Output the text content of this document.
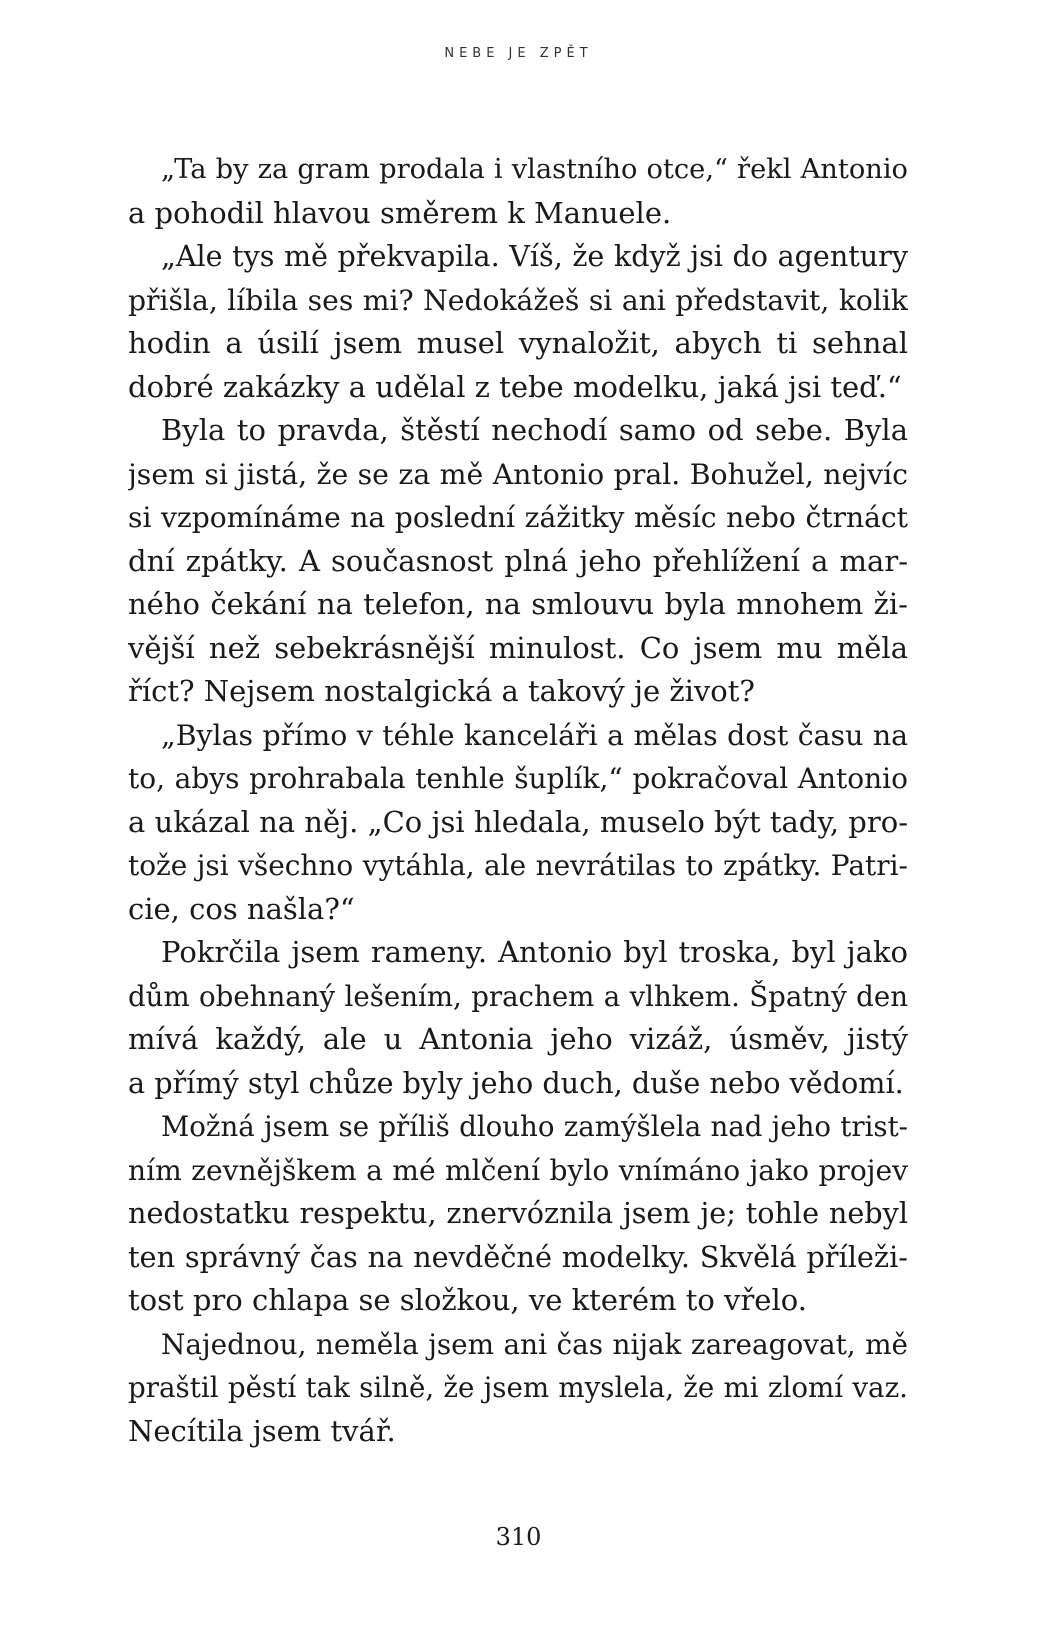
NEBE JE ZPĚT
„Ta by za gram prodala i vlastního otce,“ řekl Antonio
a pohodil hlavou směrem k Manuele.
„Ale tys mě překvapila. Víš, že když jsi do agentury
přišla, líbila ses mi? Nedokážeš si ani představit, kolik
hodin a úsilí jsem musel vynaložit, abych ti sehnal
dobré zakázky a udělal z tebe modelku, jaká jsi teď.“
Byla to pravda, štěstí nechodí samo od sebe. Byla
jsem si jistá, že se za mě Antonio pral. Bohužel, nejvíc
si vzpomínáme na poslední zážitky měsíc nebo čtrnáct
dní zpátky. A současnost plná jeho přehlížení a mar-
ného čekání na telefon, na smlouvu byla mnohem ži-
vější než sebekrásnější minulost. Co jsem mu měla
říct? Nejsem nostalgická a takový je život?
„Bylas přímo v téhle kanceláři a mělas dost času na
to, abys prohrabala tenhle šuplík,“ pokračoval Antonio
a ukázal na něj. „Co jsi hledala, muselo být tady, pro-
tože jsi všechno vytáhla, ale nevrátilas to zpátky. Patri-
cie, cos našla?“
Pokrčila jsem rameny. Antonio byl troska, byl jako
dům obehnaný lešením, prachem a vlhkem. Špatný den
mívá každý, ale u Antonia jeho vizáž, úsměv, jistý
a přímý styl chůze byly jeho duch, duše nebo vědomí.
Možná jsem se příliš dlouho zamýšlela nad jeho trist-
ním zevnějškem a mé mlčení bylo vnímáno jako projev
nedostatku respektu, znervóznila jsem je; tohle nebyl
ten správný čas na nevděčné modelky. Skvělá příleži-
tost pro chlapa se složkou, ve kterém to vřelo.
Najednou, neměla jsem ani čas nijak zareagovat, mě
praštil pěstí tak silně, že jsem myslela, že mi zlomí vaz.
Necítila jsem tvář.
310
